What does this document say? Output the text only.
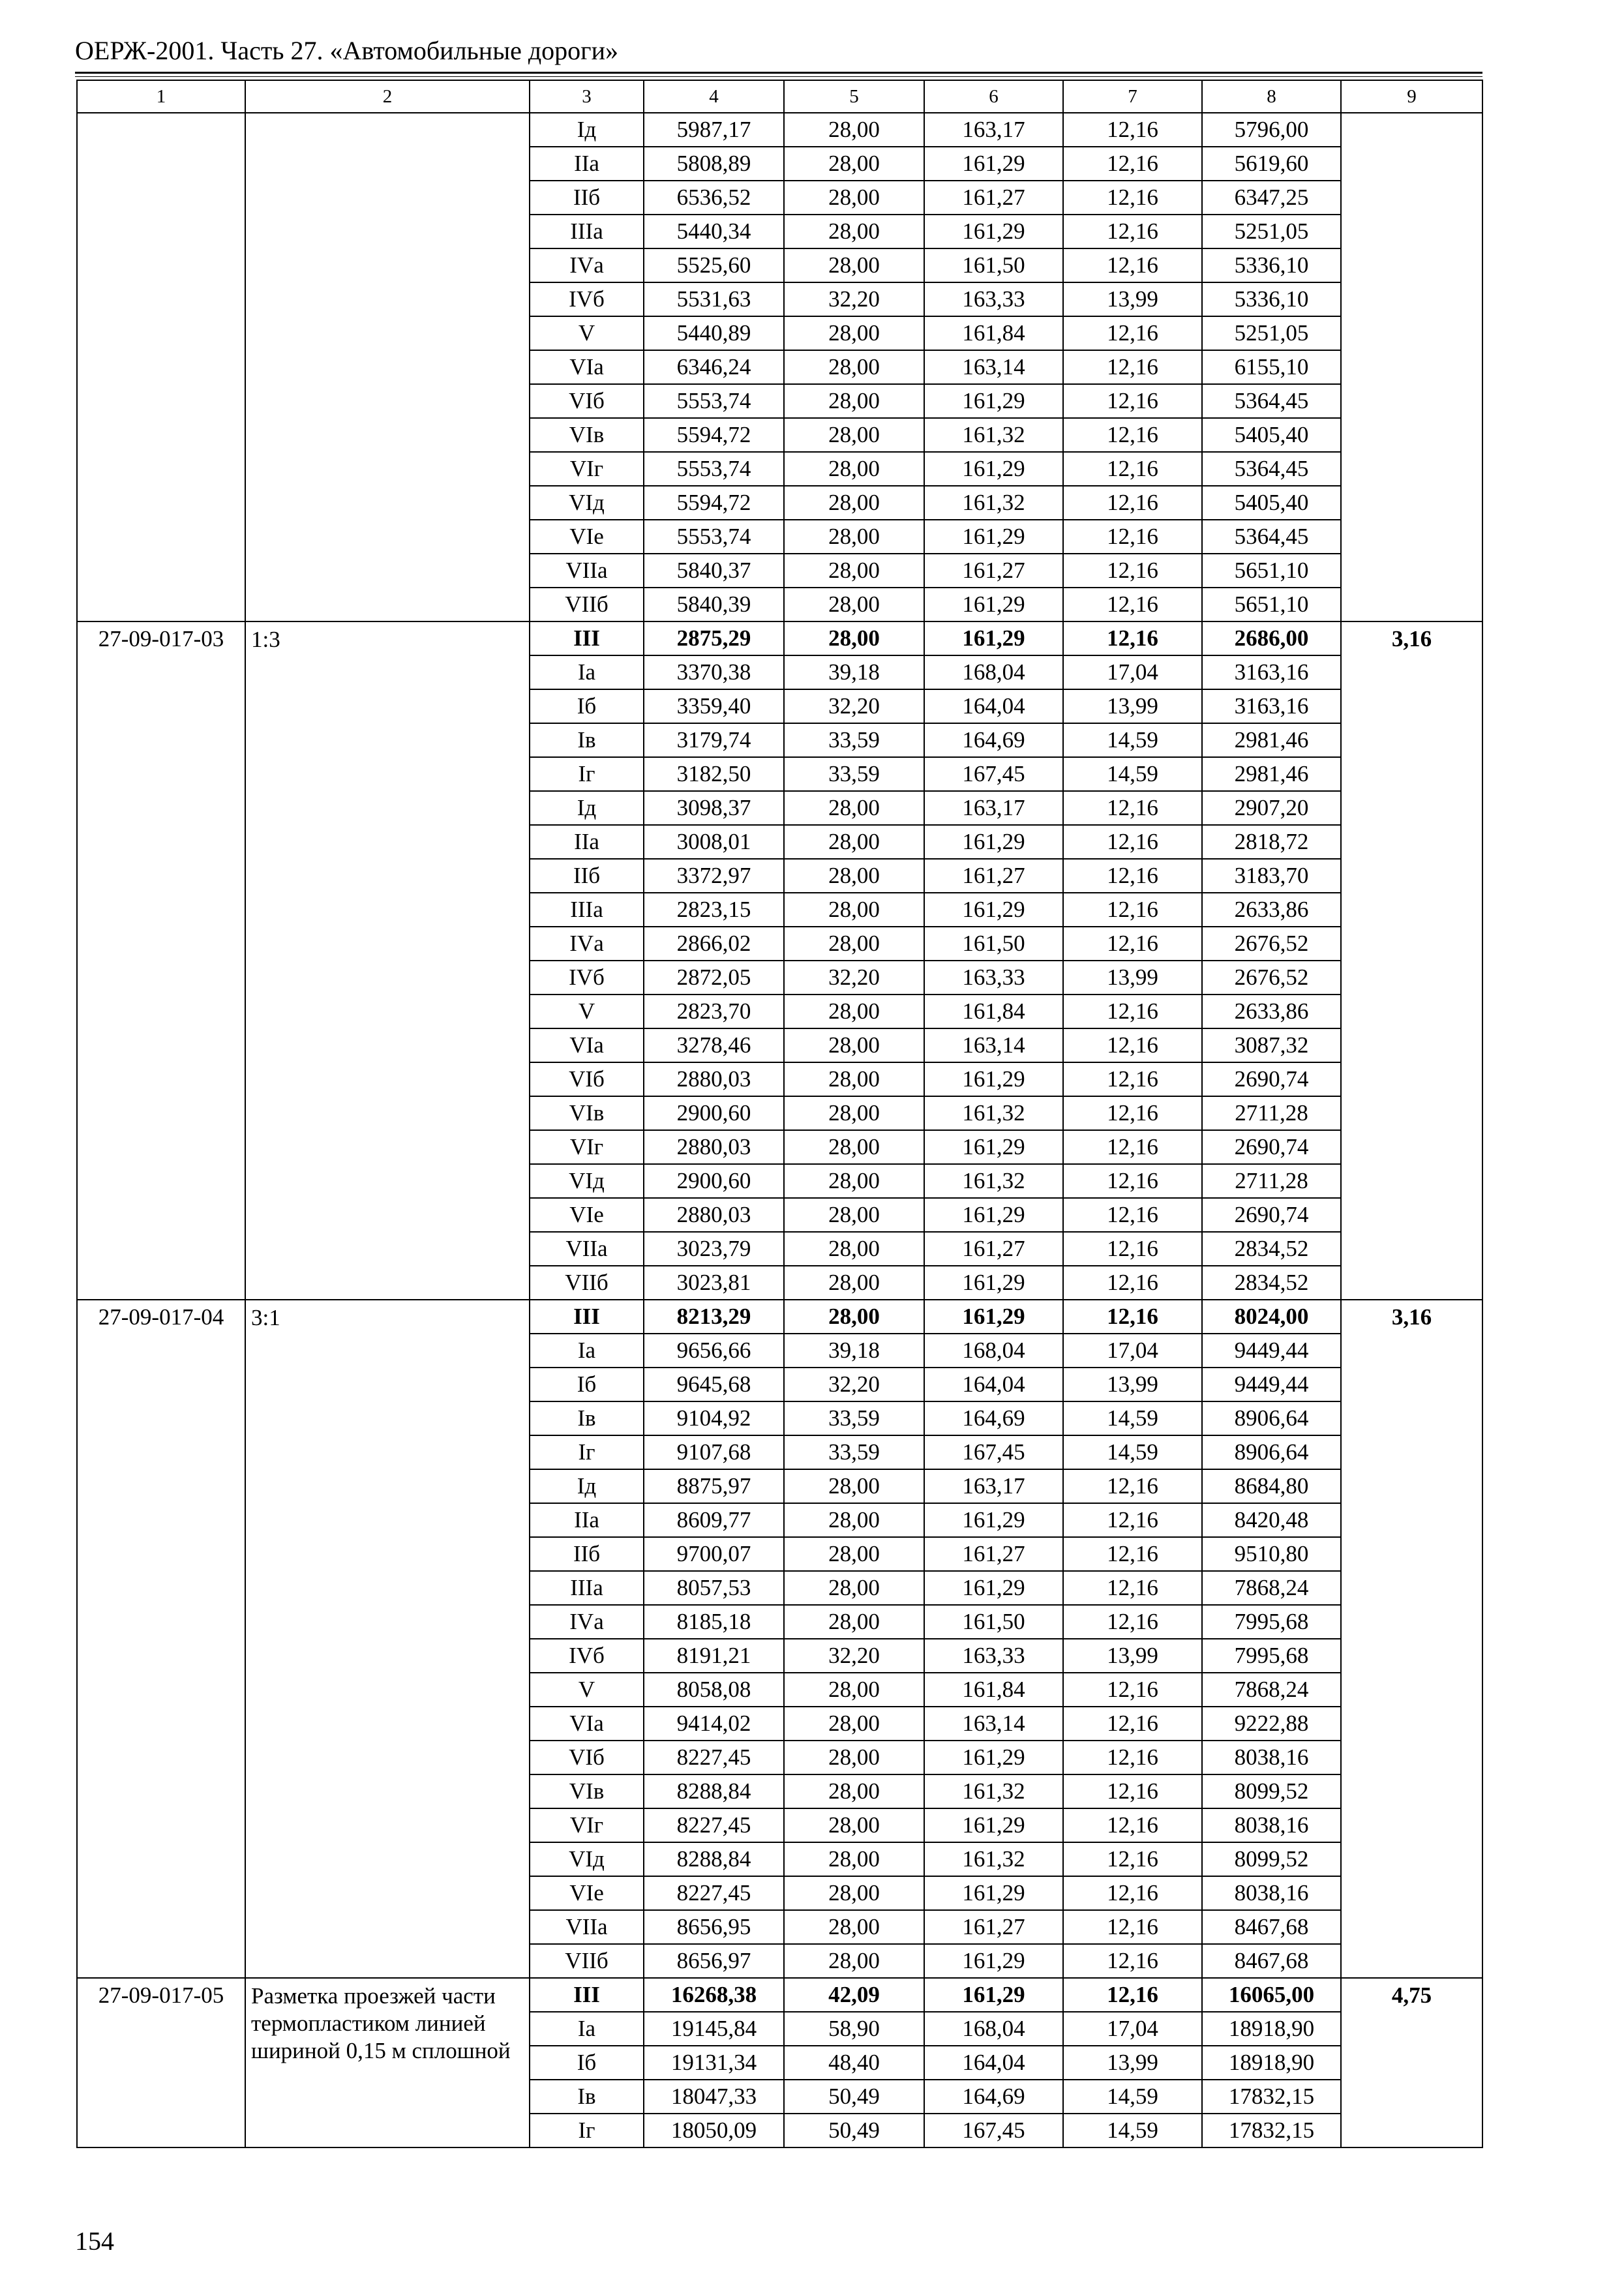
ОЕРЖ-2001. Часть 27. «Автомобильные дороги»
1	2	3	4	5	6	7	8	9
		Iд	5987,17	28,00	163,17	12,16	5796,00	
		IIа	5808,89	28,00	161,29	12,16	5619,60	
		IIб	6536,52	28,00	161,27	12,16	6347,25	
		IIIа	5440,34	28,00	161,29	12,16	5251,05	
		IVа	5525,60	28,00	161,50	12,16	5336,10	
		IVб	5531,63	32,20	163,33	13,99	5336,10	
		V	5440,89	28,00	161,84	12,16	5251,05	
		VIа	6346,24	28,00	163,14	12,16	6155,10	
		VIб	5553,74	28,00	161,29	12,16	5364,45	
		VIв	5594,72	28,00	161,32	12,16	5405,40	
		VIг	5553,74	28,00	161,29	12,16	5364,45	
		VIд	5594,72	28,00	161,32	12,16	5405,40	
		VIе	5553,74	28,00	161,29	12,16	5364,45	
		VIIа	5840,37	28,00	161,27	12,16	5651,10	
		VIIб	5840,39	28,00	161,29	12,16	5651,10	
27-09-017-03	1:3	III	2875,29	28,00	161,29	12,16	2686,00	3,16
		Iа	3370,38	39,18	168,04	17,04	3163,16	
		Iб	3359,40	32,20	164,04	13,99	3163,16	
		Iв	3179,74	33,59	164,69	14,59	2981,46	
		Iг	3182,50	33,59	167,45	14,59	2981,46	
		Iд	3098,37	28,00	163,17	12,16	2907,20	
		IIа	3008,01	28,00	161,29	12,16	2818,72	
		IIб	3372,97	28,00	161,27	12,16	3183,70	
		IIIа	2823,15	28,00	161,29	12,16	2633,86	
		IVа	2866,02	28,00	161,50	12,16	2676,52	
		IVб	2872,05	32,20	163,33	13,99	2676,52	
		V	2823,70	28,00	161,84	12,16	2633,86	
		VIа	3278,46	28,00	163,14	12,16	3087,32	
		VIб	2880,03	28,00	161,29	12,16	2690,74	
		VIв	2900,60	28,00	161,32	12,16	2711,28	
		VIг	2880,03	28,00	161,29	12,16	2690,74	
		VIд	2900,60	28,00	161,32	12,16	2711,28	
		VIе	2880,03	28,00	161,29	12,16	2690,74	
		VIIа	3023,79	28,00	161,27	12,16	2834,52	
		VIIб	3023,81	28,00	161,29	12,16	2834,52	
27-09-017-04	3:1	III	8213,29	28,00	161,29	12,16	8024,00	3,16
		Iа	9656,66	39,18	168,04	17,04	9449,44	
		Iб	9645,68	32,20	164,04	13,99	9449,44	
		Iв	9104,92	33,59	164,69	14,59	8906,64	
		Iг	9107,68	33,59	167,45	14,59	8906,64	
		Iд	8875,97	28,00	163,17	12,16	8684,80	
		IIа	8609,77	28,00	161,29	12,16	8420,48	
		IIб	9700,07	28,00	161,27	12,16	9510,80	
		IIIа	8057,53	28,00	161,29	12,16	7868,24	
		IVа	8185,18	28,00	161,50	12,16	7995,68	
		IVб	8191,21	32,20	163,33	13,99	7995,68	
		V	8058,08	28,00	161,84	12,16	7868,24	
		VIа	9414,02	28,00	163,14	12,16	9222,88	
		VIб	8227,45	28,00	161,29	12,16	8038,16	
		VIв	8288,84	28,00	161,32	12,16	8099,52	
		VIг	8227,45	28,00	161,29	12,16	8038,16	
		VIд	8288,84	28,00	161,32	12,16	8099,52	
		VIе	8227,45	28,00	161,29	12,16	8038,16	
		VIIа	8656,95	28,00	161,27	12,16	8467,68	
		VIIб	8656,97	28,00	161,29	12,16	8467,68	
27-09-017-05	Разметка проезжей части термопластиком линией шириной 0,15 м сплошной	III	16268,38	42,09	161,29	12,16	16065,00	4,75
		Iа	19145,84	58,90	168,04	17,04	18918,90	
		Iб	19131,34	48,40	164,04	13,99	18918,90	
		Iв	18047,33	50,49	164,69	14,59	17832,15	
		Iг	18050,09	50,49	167,45	14,59	17832,15	
154
